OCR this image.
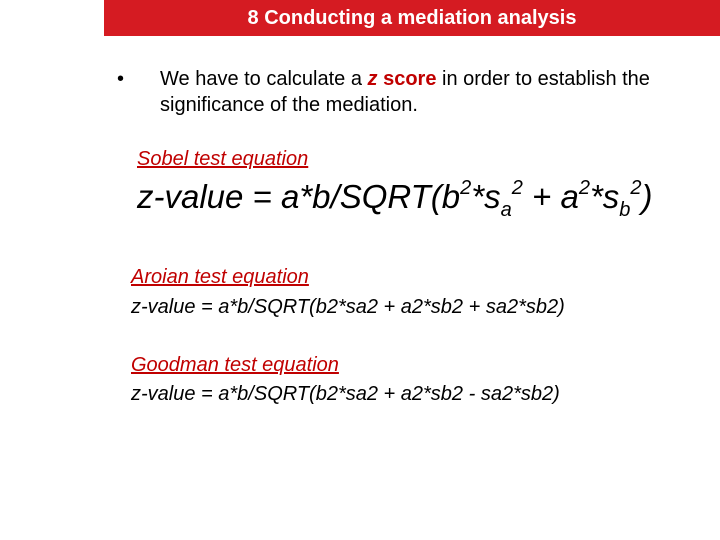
8 Conducting a mediation analysis
• We have to calculate a z score in order to establish the significance of the mediation.
Sobel test equation
z-value = $a*b/SQRT(b^2*s_a^2 + a^2*s_b^2)$
Aroian test equation
z-value = a*b/SQRT(b2*sa2 + a2*sb2 + sa2*sb2)
Goodman test equation
z-value = a*b/SQRT(b2*sa2 + a2*sb2 - sa2*sb2)
